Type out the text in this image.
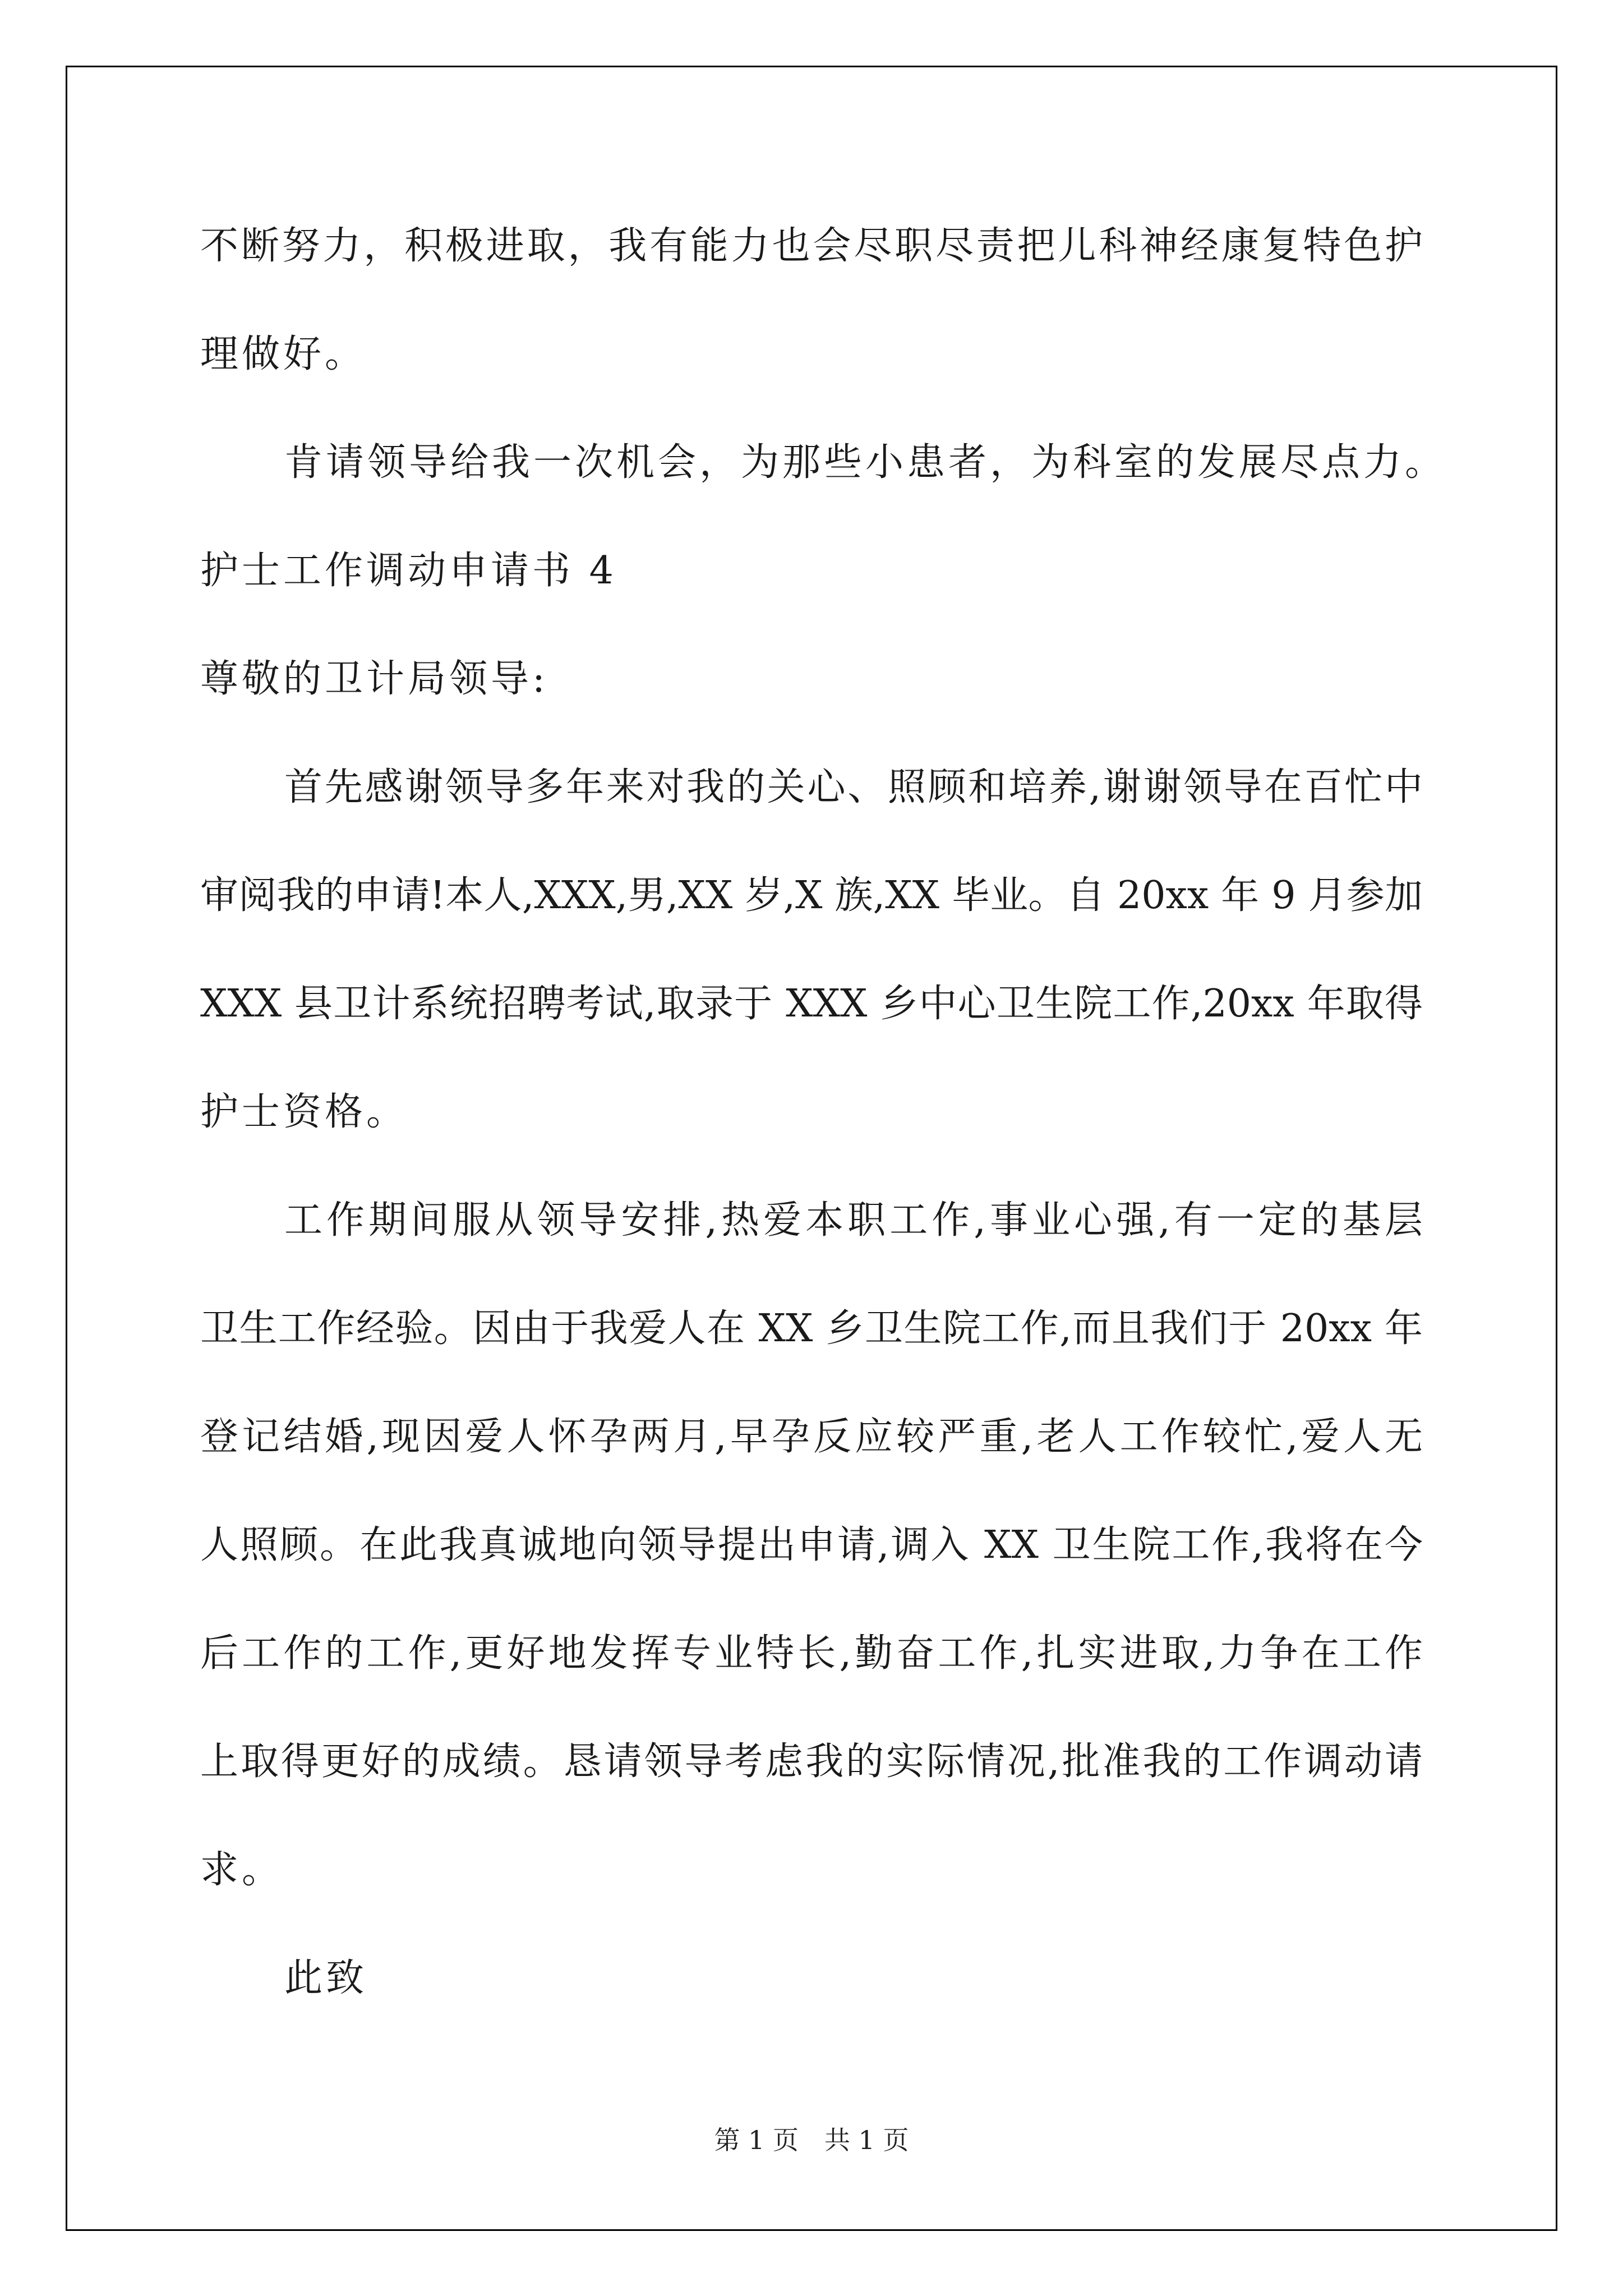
不断努力，积极进取，我有能力也会尽职尽责把儿科神经康复特色护
理做好。
肯请领导给我一次机会，为那些小患者，为科室的发展尽点力。
护士工作调动申请书 4
尊敬的卫计局领导:
首先感谢领导多年来对我的关心、照顾和培养,谢谢领导在百忙中
审阅我的申请!本人,XXX,男,XX 岁,X 族,XX 毕业。自 20xx 年 9 月参加
XXX 县卫计系统招聘考试,取录于 XXX 乡中心卫生院工作,20xx 年取得
护士资格。
工作期间服从领导安排,热爱本职工作,事业心强,有一定的基层
卫生工作经验。因由于我爱人在 XX 乡卫生院工作,而且我们于 20xx 年
登记结婚,现因爱人怀孕两月,早孕反应较严重,老人工作较忙,爱人无
人照顾。在此我真诚地向领导提出申请,调入 XX 卫生院工作,我将在今
后工作的工作,更好地发挥专业特长,勤奋工作,扎实进取,力争在工作
上取得更好的成绩。恳请领导考虑我的实际情况,批准我的工作调动请
求。
此致
第 1 页　共 1 页
